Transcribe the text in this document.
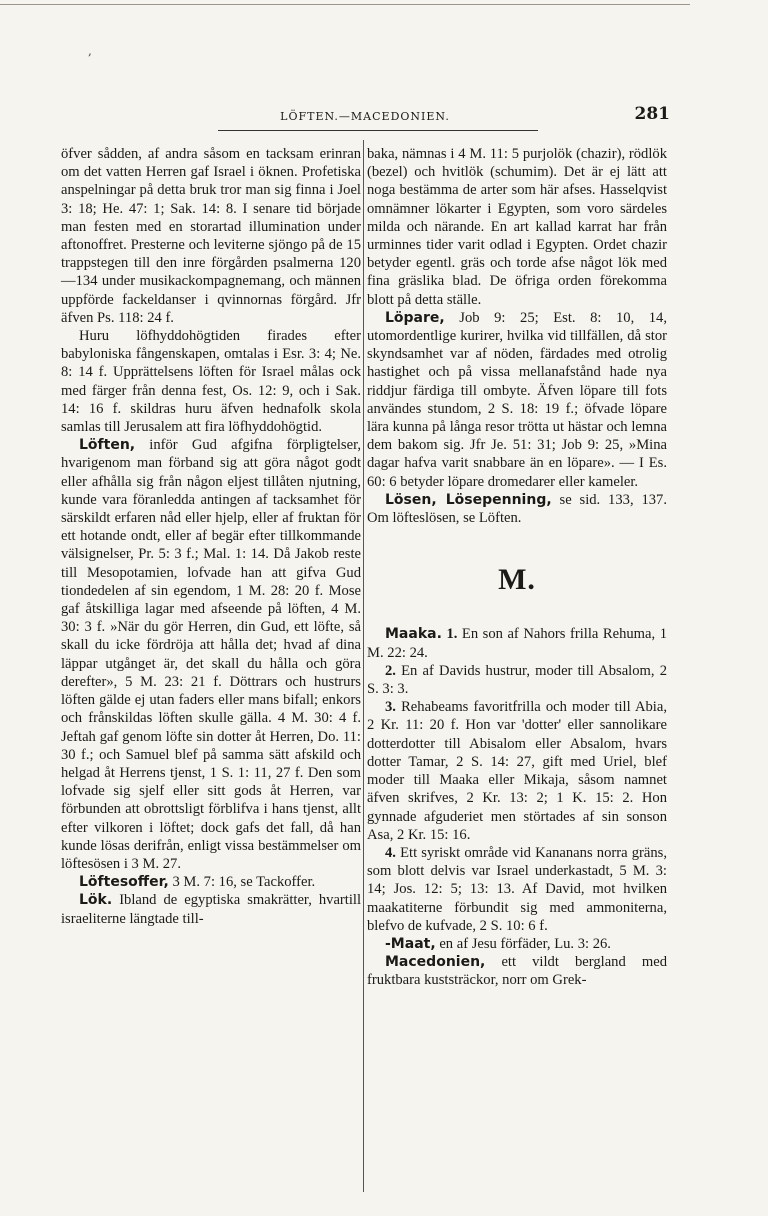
,
LÖFTEN.—MACEDONIEN.	281

öfver sådden, af andra såsom en tacksam erinran om det vatten Herren gaf Israel i öknen. Profetiska anspelningar på detta bruk tror man sig finna i Joel 3: 18; He. 47: 1; Sak. 14: 8. I senare tid började man festen med en storartad illumination under aftonoffret. Presterne och leviterne sjöngo på de 15 trappstegen till den inre förgården psalmerna 120—134 under musikackompagnemang, och männen uppförde fackeldanser i qvinnornas förgård. Jfr äfven Ps. 118: 24 f.

Huru löfhyddohögtiden firades efter babyloniska fångenskapen, omtalas i Esr. 3: 4; Ne. 8: 14 f. Upprättelsens löften för Israel målas ock med färger från denna fest, Os. 12: 9, och i Sak. 14: 16 f. skildras huru äfven hednafolk skola samlas till Jerusalem att fira löfhyddohögtid.

Löften, inför Gud afgifna förpligtelser, hvarigenom man förband sig att göra något godt eller afhålla sig från någon eljest tillåten njutning, kunde vara föranledda antingen af tacksamhet för särskildt erfaren nåd eller hjelp, eller af fruktan för ett hotande ondt, eller af begär efter tillkommande välsignelser, Pr. 5: 3 f.; Mal. 1: 14. Då Jakob reste till Mesopotamien, lofvade han att gifva Gud tiondedelen af sin egendom, 1 M. 28: 20 f. Mose gaf åtskilliga lagar med afseende på löften, 4 M. 30: 3 f. »När du gör Herren, din Gud, ett löfte, så skall du icke fördröja att hålla det; hvad af dina läppar utgånget är, det skall du hålla och göra derefter», 5 M. 23: 21 f. Döttrars och hustrurs löften gälde ej utan faders eller mans bifall; enkors och frånskildas löften skulle gälla. 4 M. 30: 4 f. Jeftah gaf genom löfte sin dotter åt Herren, Do. 11: 30 f.; och Samuel blef på samma sätt afskild och helgad åt Herrens tjenst, 1 S. 1: 11, 27 f. Den som lofvade sig sjelf eller sitt gods åt Herren, var förbunden att obrottsligt förblifva i hans tjenst, allt efter vilkoren i löftet; dock gafs det fall, då han kunde lösas derifrån, enligt vissa bestämmelser om löftesösen i 3 M. 27.

Löftesoffer, 3 M. 7: 16, se Tackoffer.

Lök. Ibland de egyptiska smakrätter, hvartill israeliterne längtade till-

baka, nämnas i 4 M. 11: 5 purjolök (chazir), rödlök (bezel) och hvitlök (schumim). Det är ej lätt att noga bestämma de arter som här afses. Hasselqvist omnämner lökarter i Egypten, som voro särdeles milda och närande. En art kallad karrat har från urminnes tider varit odlad i Egypten. Ordet chazir betyder egentl. gräs och torde afse något lök med fina gräslika blad. De öfriga orden förekomma blott på detta ställe.

Löpare, Job 9: 25; Est. 8: 10, 14, utomordentlige kurirer, hvilka vid tillfällen, då stor skyndsamhet var af nöden, färdades med otrolig hastighet och på vissa mellanafstånd hade nya riddjur färdiga till ombyte. Äfven löpare till fots användes stundom, 2 S. 18: 19 f.; öfvade löpare lära kunna på långa resor trötta ut hästar och lemna dem bakom sig. Jfr Je. 51: 31; Job 9: 25, »Mina dagar hafva varit snabbare än en löpare». — I Es. 60: 6 betyder löpare dromedarer eller kameler.

Lösen, Lösepenning, se sid. 133, 137. Om löfteslösen, se Löften.

M.

Maaka. 1. En son af Nahors frilla Rehuma, 1 M. 22: 24.

2. En af Davids hustrur, moder till Absalom, 2 S. 3: 3.

3. Rehabeams favoritfrilla och moder till Abia, 2 Kr. 11: 20 f. Hon var 'dotter' eller sannolikare dotterdotter till Abisalom eller Absalom, hvars dotter Tamar, 2 S. 14: 27, gift med Uriel, blef moder till Maaka eller Mikaja, såsom namnet äfven skrifves, 2 Kr. 13: 2; 1 K. 15: 2. Hon gynnade afguderiet men störtades af sin sonson Asa, 2 Kr. 15: 16.

4. Ett syriskt område vid Kananans norra gräns, som blott delvis var Israel underkastadt, 5 M. 3: 14; Jos. 12: 5; 13: 13. Af David, mot hvilken maakatiterne förbundit sig med ammoniterna, blefvo de kufvade, 2 S. 10: 6 f.

-Maat, en af Jesu förfäder, Lu. 3: 26.

Macedonien, ett vildt bergland med fruktbara kuststräckor, norr om Grek-
